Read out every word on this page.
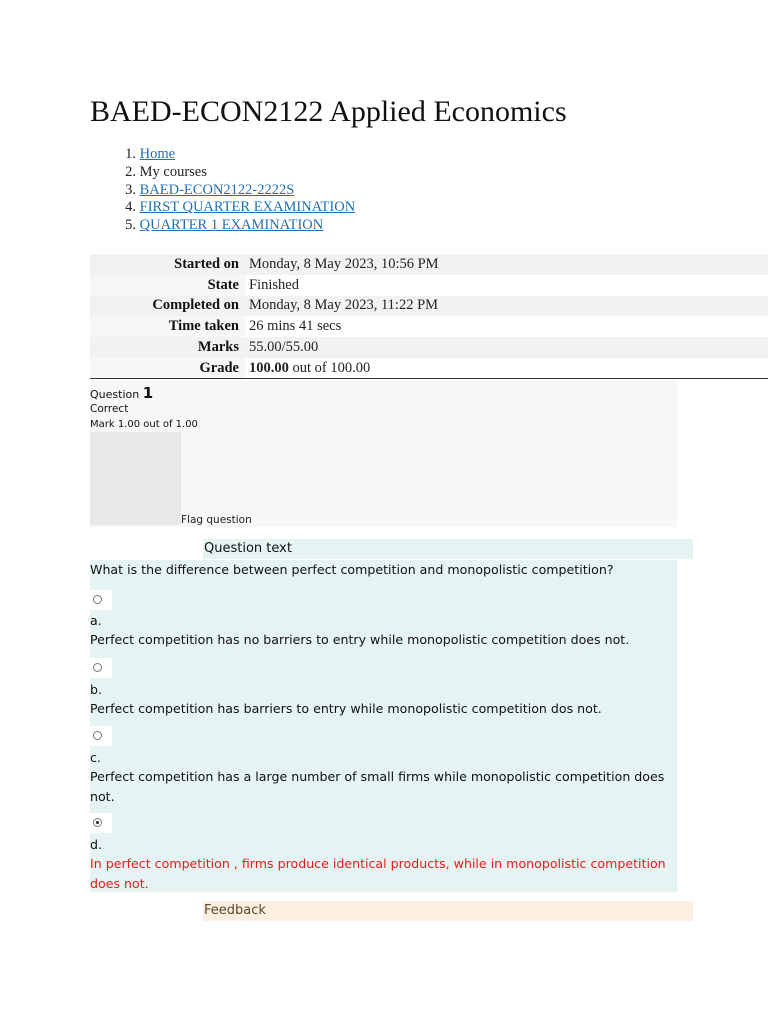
BAED-ECON2122 Applied Economics
1. Home
2. My courses
3. BAED-ECON2122-2222S
4. FIRST QUARTER EXAMINATION
5. QUARTER 1 EXAMINATION
Started on	Monday, 8 May 2023, 10:56 PM
State	Finished
Completed on	Monday, 8 May 2023, 11:22 PM
Time taken	26 mins 41 secs
Marks	55.00/55.00
Grade	100.00 out of 100.00
Question 1
Correct
Mark 1.00 out of 1.00
Flag question
Question text
What is the difference between perfect competition and monopolistic competition?
a.
Perfect competition has no barriers to entry while monopolistic competition does not.
b.
Perfect competition has barriers to entry while monopolistic competition dos not.
c.
Perfect competition has a large number of small firms while monopolistic competition does not.
d.
In perfect competition , firms produce identical products, while in monopolistic competition does not.
Feedback
